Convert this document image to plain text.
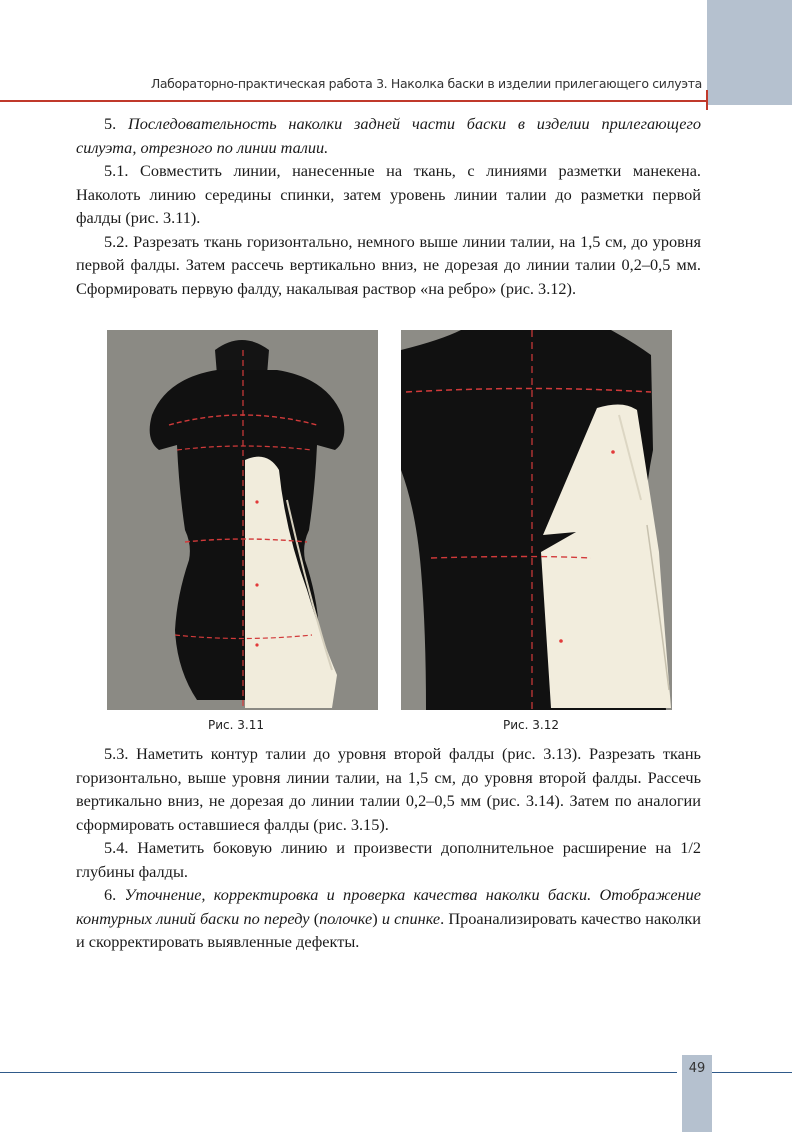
Лабораторно-практическая работа 3. Наколка баски в изделии прилегающего силуэта

5. Последовательность наколки задней части баски в изделии прилегающего силуэта, отрезного по линии талии.

5.1. Совместить линии, нанесенные на ткань, с линиями разметки манекена. Наколоть линию середины спинки, затем уровень линии талии до разметки первой фалды (рис. 3.11).

5.2. Разрезать ткань горизонтально, немного выше линии талии, на 1,5 см, до уровня первой фалды. Затем рассечь вертикально вниз, не дорезая до линии талии 0,2–0,5 мм. Сформировать первую фалду, накалывая раствор «на ребро» (рис. 3.12).

Рис. 3.11	Рис. 3.12

5.3. Наметить контур талии до уровня второй фалды (рис. 3.13). Разрезать ткань горизонтально, выше уровня линии талии, на 1,5 см, до уровня второй фалды. Рассечь вертикально вниз, не дорезая до линии талии 0,2–0,5 мм (рис. 3.14). Затем по аналогии сформировать оставшиеся фалды (рис. 3.15).

5.4. Наметить боковую линию и произвести дополнительное расширение на 1/2 глубины фалды.

6. Уточнение, корректировка и проверка качества наколки баски. Отображение контурных линий баски по переду (полочке) и спинке. Проанализировать качество наколки и скорректировать выявленные дефекты.

49
